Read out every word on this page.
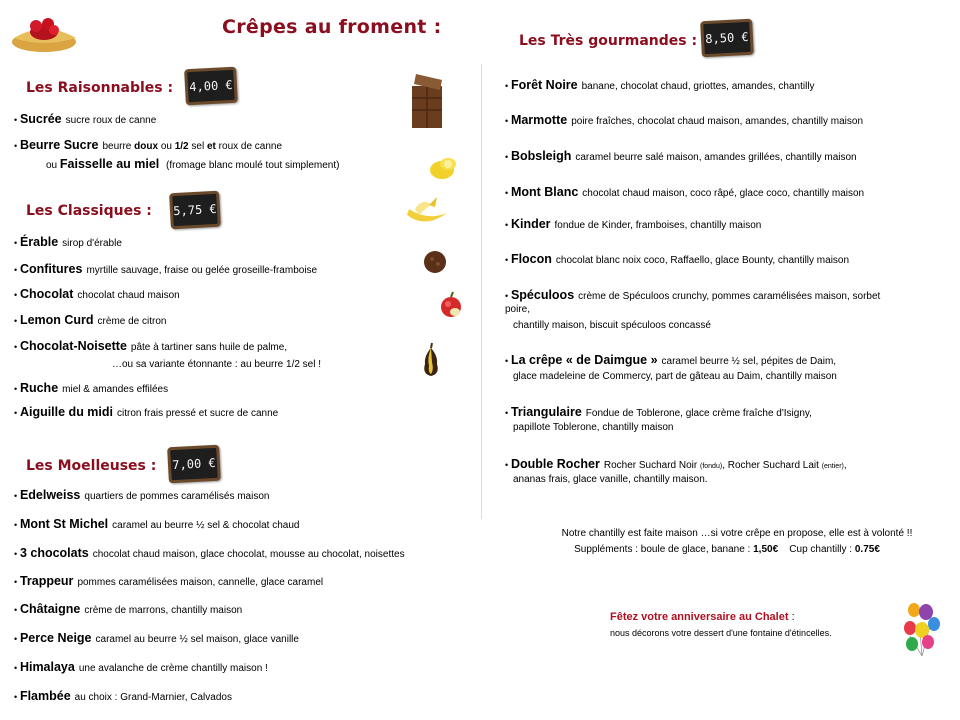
Crêpes au froment :
Les Raisonnables :	4,00 €
• Sucrée sucre roux de canne
• Beurre Sucre beurre doux ou 1/2 sel et roux de canne
ou Faisselle au miel (fromage blanc moulé tout simplement)
Les Classiques :	5,75 €
• Érable sirop d'érable
• Confitures myrtille sauvage, fraise ou gelée groseille-framboise
• Chocolat chocolat chaud maison
• Lemon Curd crème de citron
• Chocolat-Noisette pâte à tartiner sans huile de palme,
…ou sa variante étonnante : au beurre 1/2 sel !
• Ruche miel & amandes effilées
• Aiguille du midi citron frais pressé et sucre de canne
Les Moelleuses :	7,00 €
• Edelweiss quartiers de pommes caramélisés maison
• Mont St Michel caramel au beurre ½ sel & chocolat chaud
• 3 chocolats chocolat chaud maison, glace chocolat, mousse au chocolat, noisettes
• Trappeur pommes caramélisées maison, cannelle, glace caramel
• Châtaigne crème de marrons, chantilly maison
• Perce Neige caramel au beurre ½ sel maison, glace vanille
• Himalaya une avalanche de crème chantilly maison !
• Flambée au choix : Grand-Marnier, Calvados
Les Très gourmandes : 8,50 €
• Forêt Noire banane, chocolat chaud, griottes, amandes, chantilly
• Marmotte poire fraîches, chocolat chaud maison, amandes, chantilly maison
• Bobsleigh caramel beurre salé maison, amandes grillées, chantilly maison
• Mont Blanc chocolat chaud maison, coco râpé, glace coco, chantilly maison
• Kinder fondue de Kinder, framboises, chantilly maison
• Flocon chocolat blanc noix coco, Raffaello, glace Bounty, chantilly maison
• Spéculoos crème de Spéculoos crunchy, pommes caramélisées maison, sorbet
poire,
chantilly maison, biscuit spéculoos concassé
• La crêpe « de Daimgue » caramel beurre ½ sel, pépites de Daim,
glace madeleine de Commercy, part de gâteau au Daim, chantilly maison
• Triangulaire Fondue de Toblerone, glace crème fraîche d'Isigny,
papillote Toblerone, chantilly maison
• Double Rocher Rocher Suchard Noir (fondu), Rocher Suchard Lait (entier),
ananas frais, glace vanille, chantilly maison.
Notre chantilly est faite maison …si votre crêpe en propose, elle est à volonté !!
Suppléments : boule de glace, banane : 1,50€ Cup chantilly : 0.75€
Fêtez votre anniversaire au Chalet :
nous décorons votre dessert d'une fontaine d'étincelles.
